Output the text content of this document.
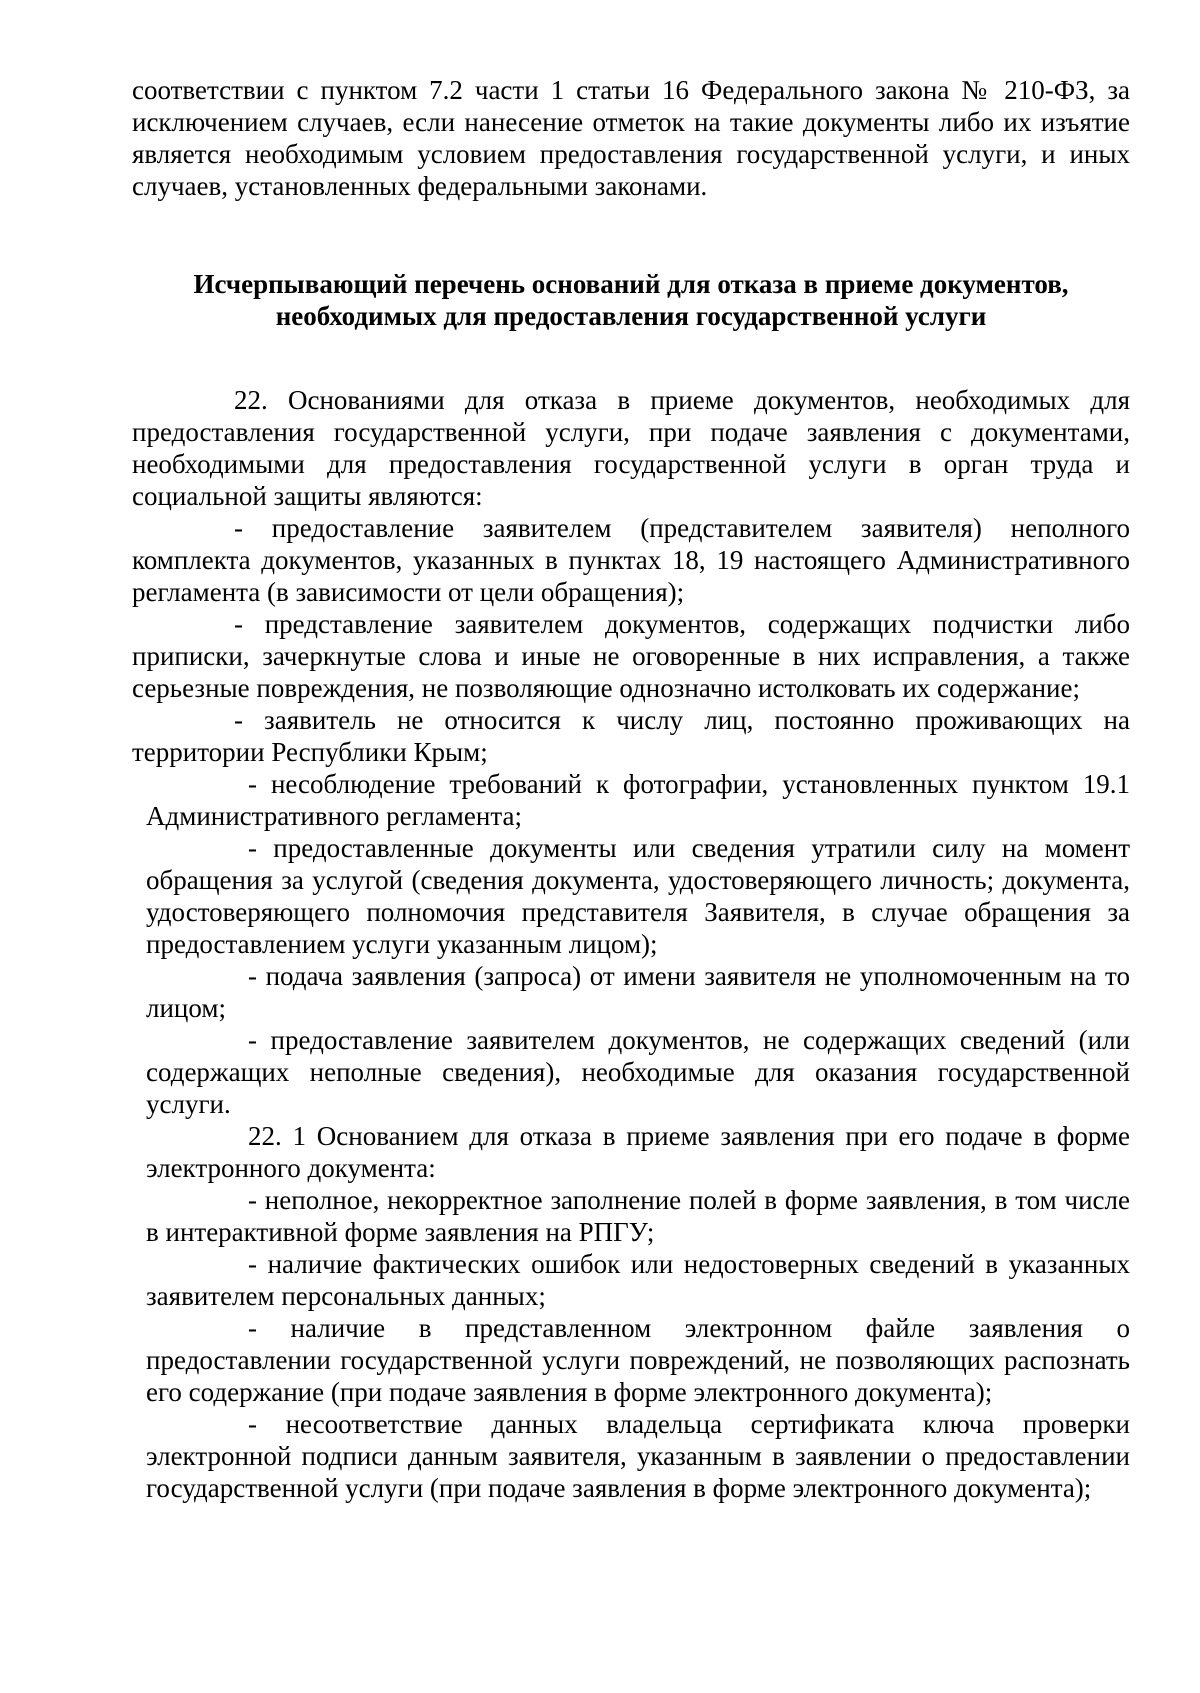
соответствии с пунктом 7.2 части 1 статьи 16 Федерального закона № 210-ФЗ, за исключением случаев, если нанесение отметок на такие документы либо их изъятие является необходимым условием предоставления государственной услуги, и иных случаев, установленных федеральными законами.

Исчерпывающий перечень оснований для отказа в приеме документов,
необходимых для предоставления государственной услуги

22. Основаниями для отказа в приеме документов, необходимых для предоставления государственной услуги, при подаче заявления с документами, необходимыми для предоставления государственной услуги в орган труда и социальной защиты являются:

- предоставление заявителем (представителем заявителя) неполного комплекта документов, указанных в пунктах 18, 19 настоящего Административного регламента (в зависимости от цели обращения);

- представление заявителем документов, содержащих подчистки либо приписки, зачеркнутые слова и иные не оговоренные в них исправления, а также серьезные повреждения, не позволяющие однозначно истолковать их содержание;

- заявитель не относится к числу лиц, постоянно проживающих на территории Республики Крым;

- несоблюдение требований к фотографии, установленных пунктом 19.1 Административного регламента;

- предоставленные документы или сведения утратили силу на момент обращения за услугой (сведения документа, удостоверяющего личность; документа, удостоверяющего полномочия представителя Заявителя, в случае обращения за предоставлением услуги указанным лицом);

- подача заявления (запроса) от имени заявителя не уполномоченным на то лицом;

- предоставление заявителем документов, не содержащих сведений (или содержащих неполные сведения), необходимые для оказания государственной услуги.

22. 1 Основанием для отказа в приеме заявления при его подаче в форме электронного документа:

- неполное, некорректное заполнение полей в форме заявления, в том числе в интерактивной форме заявления на РПГУ;

- наличие фактических ошибок или недостоверных сведений в указанных заявителем персональных данных;

- наличие в представленном электронном файле заявления о предоставлении государственной услуги повреждений, не позволяющих распознать его содержание (при подаче заявления в форме электронного документа);

- несоответствие данных владельца сертификата ключа проверки электронной подписи данным заявителя, указанным в заявлении о предоставлении государственной услуги (при подаче заявления в форме электронного документа);
